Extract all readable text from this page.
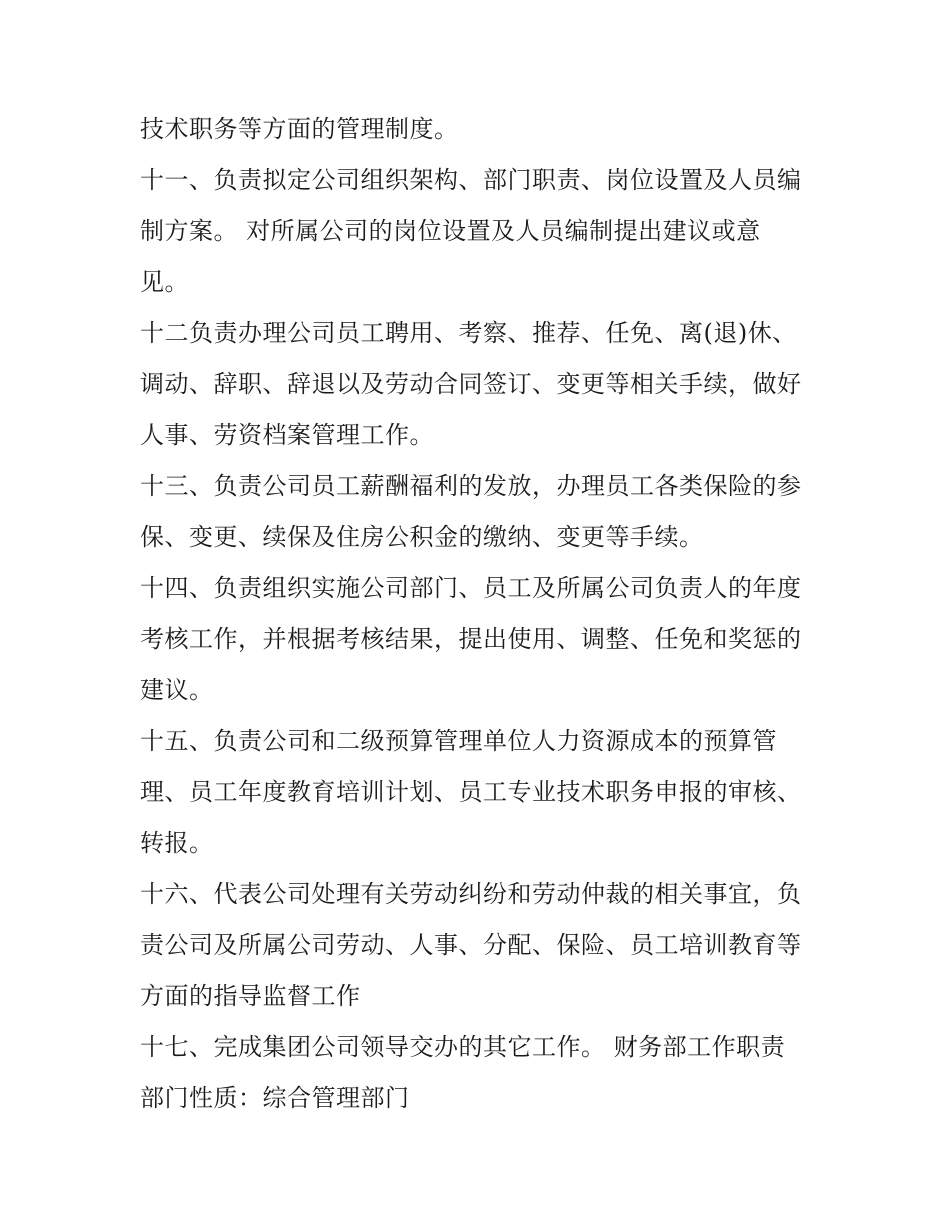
技术职务等方面的管理制度。
十一、负责拟定公司组织架构、部门职责、岗位设置及人员编
制方案。 对所属公司的岗位设置及人员编制提出建议或意
见。
十二负责办理公司员工聘用、考察、推荐、任免、离(退)休、
调动、辞职、辞退以及劳动合同签订、变更等相关手续，做好
人事、劳资档案管理工作。
十三、负责公司员工薪酬福利的发放，办理员工各类保险的参
保、变更、续保及住房公积金的缴纳、变更等手续。
十四、负责组织实施公司部门、员工及所属公司负责人的年度
考核工作，并根据考核结果，提出使用、调整、任免和奖惩的
建议。
十五、负责公司和二级预算管理单位人力资源成本的预算管
理、员工年度教育培训计划、员工专业技术职务申报的审核、
转报。
十六、代表公司处理有关劳动纠纷和劳动仲裁的相关事宜，负
责公司及所属公司劳动、人事、分配、保险、员工培训教育等
方面的指导监督工作
十七、完成集团公司领导交办的其它工作。 财务部工作职责
部门性质：综合管理部门
